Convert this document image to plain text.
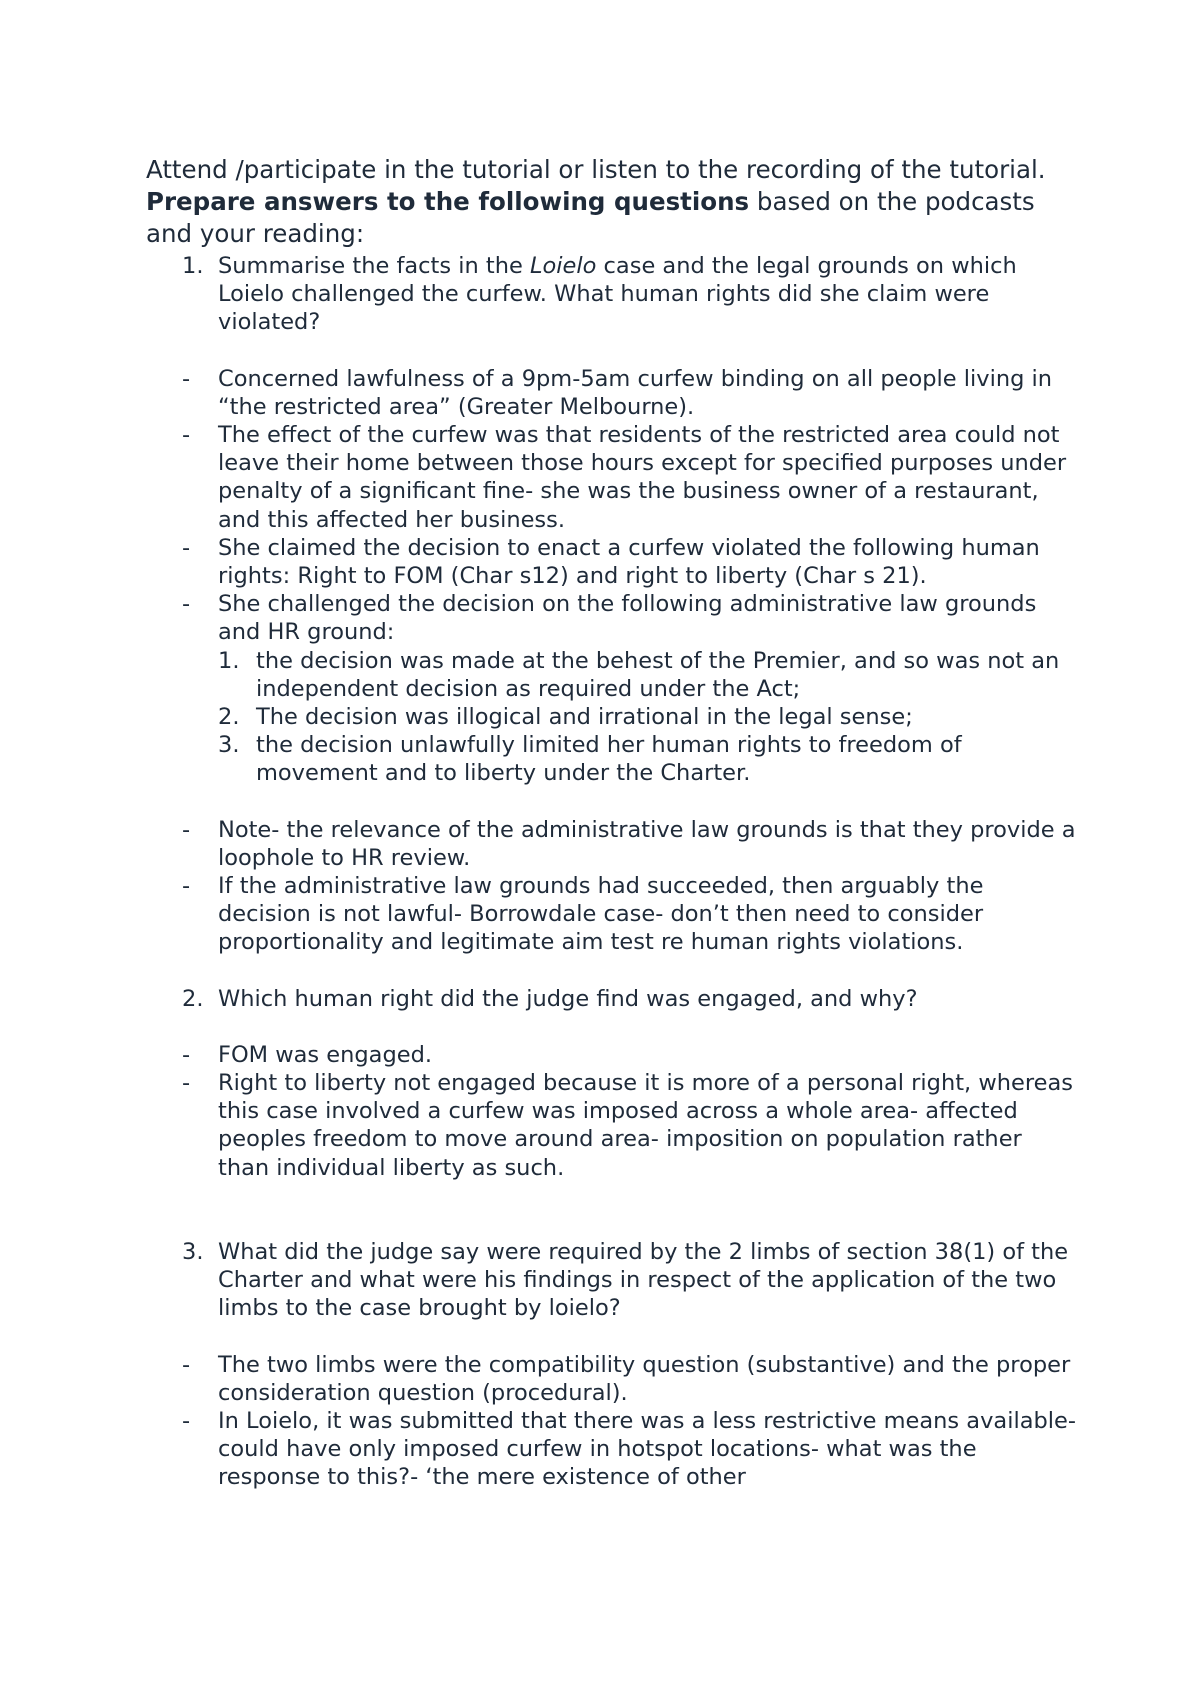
Attend /participate in the tutorial or listen to the recording of the tutorial. Prepare answers to the following questions based on the podcasts and your reading:

1. Summarise the facts in the Loielo case and the legal grounds on which Loielo challenged the curfew. What human rights did she claim were violated?
- Concerned lawfulness of a 9pm-5am curfew binding on all people living in “the restricted area” (Greater Melbourne).
- The effect of the curfew was that residents of the restricted area could not leave their home between those hours except for specified purposes under penalty of a significant fine- she was the business owner of a restaurant, and this affected her business.
- She claimed the decision to enact a curfew violated the following human rights: Right to FOM (Char s12) and right to liberty (Char s 21).
- She challenged the decision on the following administrative law grounds and HR ground:
1. the decision was made at the behest of the Premier, and so was not an independent decision as required under the Act;
2. The decision was illogical and irrational in the legal sense;
3. the decision unlawfully limited her human rights to freedom of movement and to liberty under the Charter.
- Note- the relevance of the administrative law grounds is that they provide a loophole to HR review.
- If the administrative law grounds had succeeded, then arguably the decision is not lawful- Borrowdale case- don’t then need to consider proportionality and legitimate aim test re human rights violations.
2. Which human right did the judge find was engaged, and why?
- FOM was engaged.
- Right to liberty not engaged because it is more of a personal right, whereas this case involved a curfew was imposed across a whole area- affected peoples freedom to move around area- imposition on population rather than individual liberty as such.
3. What did the judge say were required by the 2 limbs of section 38(1) of the Charter and what were his findings in respect of the application of the two limbs to the case brought by loielo?
- The two limbs were the compatibility question (substantive) and the proper consideration question (procedural).
- In Loielo, it was submitted that there was a less restrictive means available- could have only imposed curfew in hotspot locations- what was the response to this?- ‘the mere existence of other
